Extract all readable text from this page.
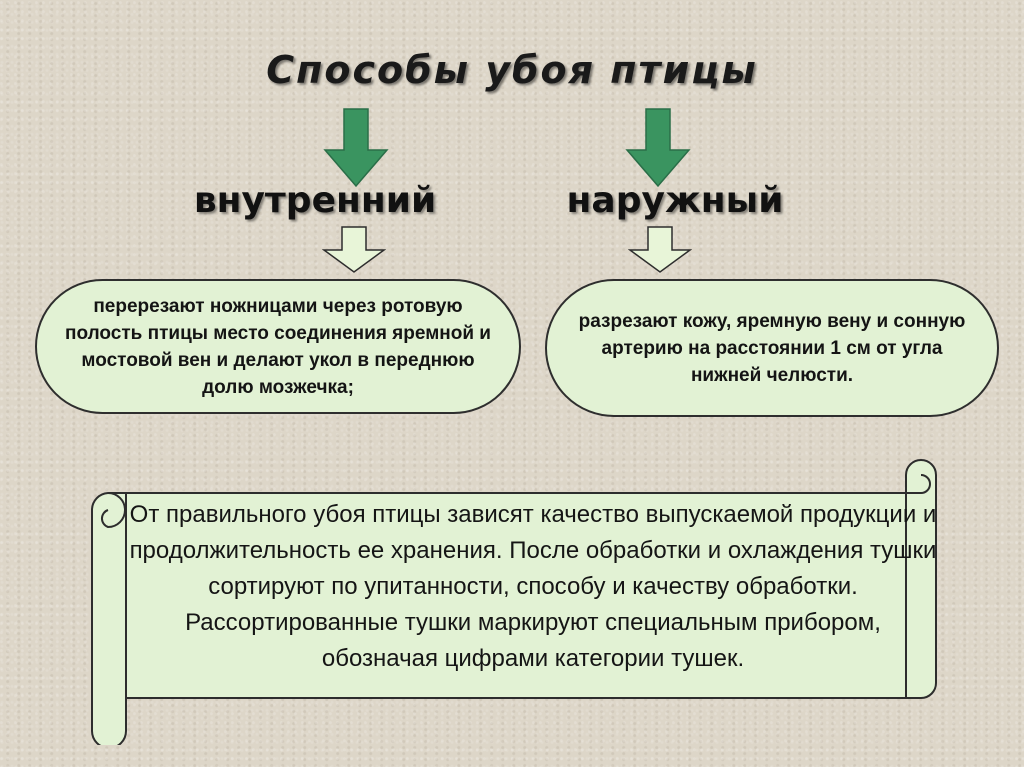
Способы убоя птицы
внутренний	наружный
перерезают ножницами через ротовую полость птицы место соединения яремной и мостовой вен и делают укол в переднюю долю мозжечка;
разрезают кожу, яремную вену и сонную артерию на расстоянии 1 см от угла нижней челюсти.
От правильного убоя птицы зависят качество выпускаемой продукции и продолжительность ее хранения. После обработки и охлаждения тушки сортируют по упитанности, способу и качеству обработки. Рассортированные тушки маркируют специальным прибором, обозначая цифрами категории тушек.
